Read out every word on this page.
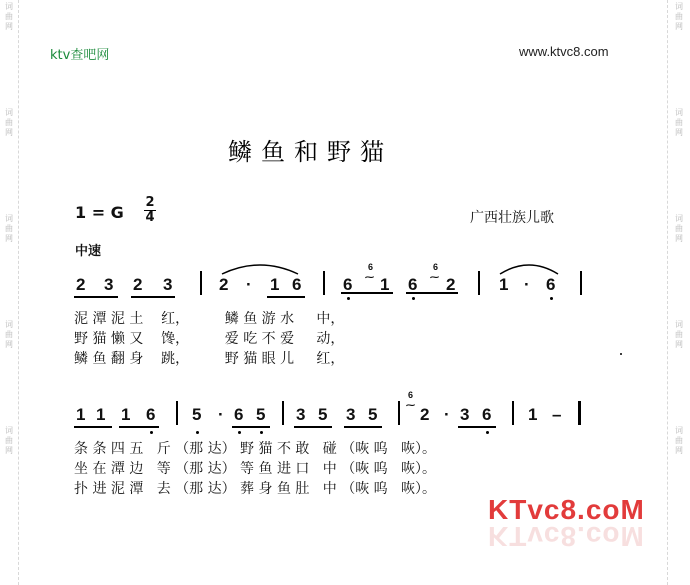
词
曲
网
词
曲
网
词
曲
网
词
曲
网
词
曲
网
词
曲
网
词
曲
网
词
曲
网
词
曲
网
词
曲
网
ktv查吧网	www.ktvc8.com
鳞鱼和野猫
1 = G
2
4	广西壮族儿歌
中速
2 3 2 3	2 · 1 6 6
6
⁓ 1 6
6
⁓ 2	1 · 6
泥 潭 泥 土    红，        鳞 鱼 游 水     中，
野 猫 懒 又    馋，        爱 吃 不 爱     动，
鳞 鱼 翻 身    跳，        野 猫 眼 儿     红，
1 1 1 6 5 · 6 5 3 5 3 5
6
⁓ 2 · 3 6 1 –
条 条 四 五   斤 （那 达） 野 猫 不 敢   碰 （咴 呜   咴）。
坐 在 潭 边   等 （那 达） 等 鱼 进 口   中 （咴 呜   咴）。
扑 进 泥 潭   去 （那 达） 葬 身 鱼 肚   中 （咴 呜   咴）。
KTvc8.coM
KTvc8.coM
